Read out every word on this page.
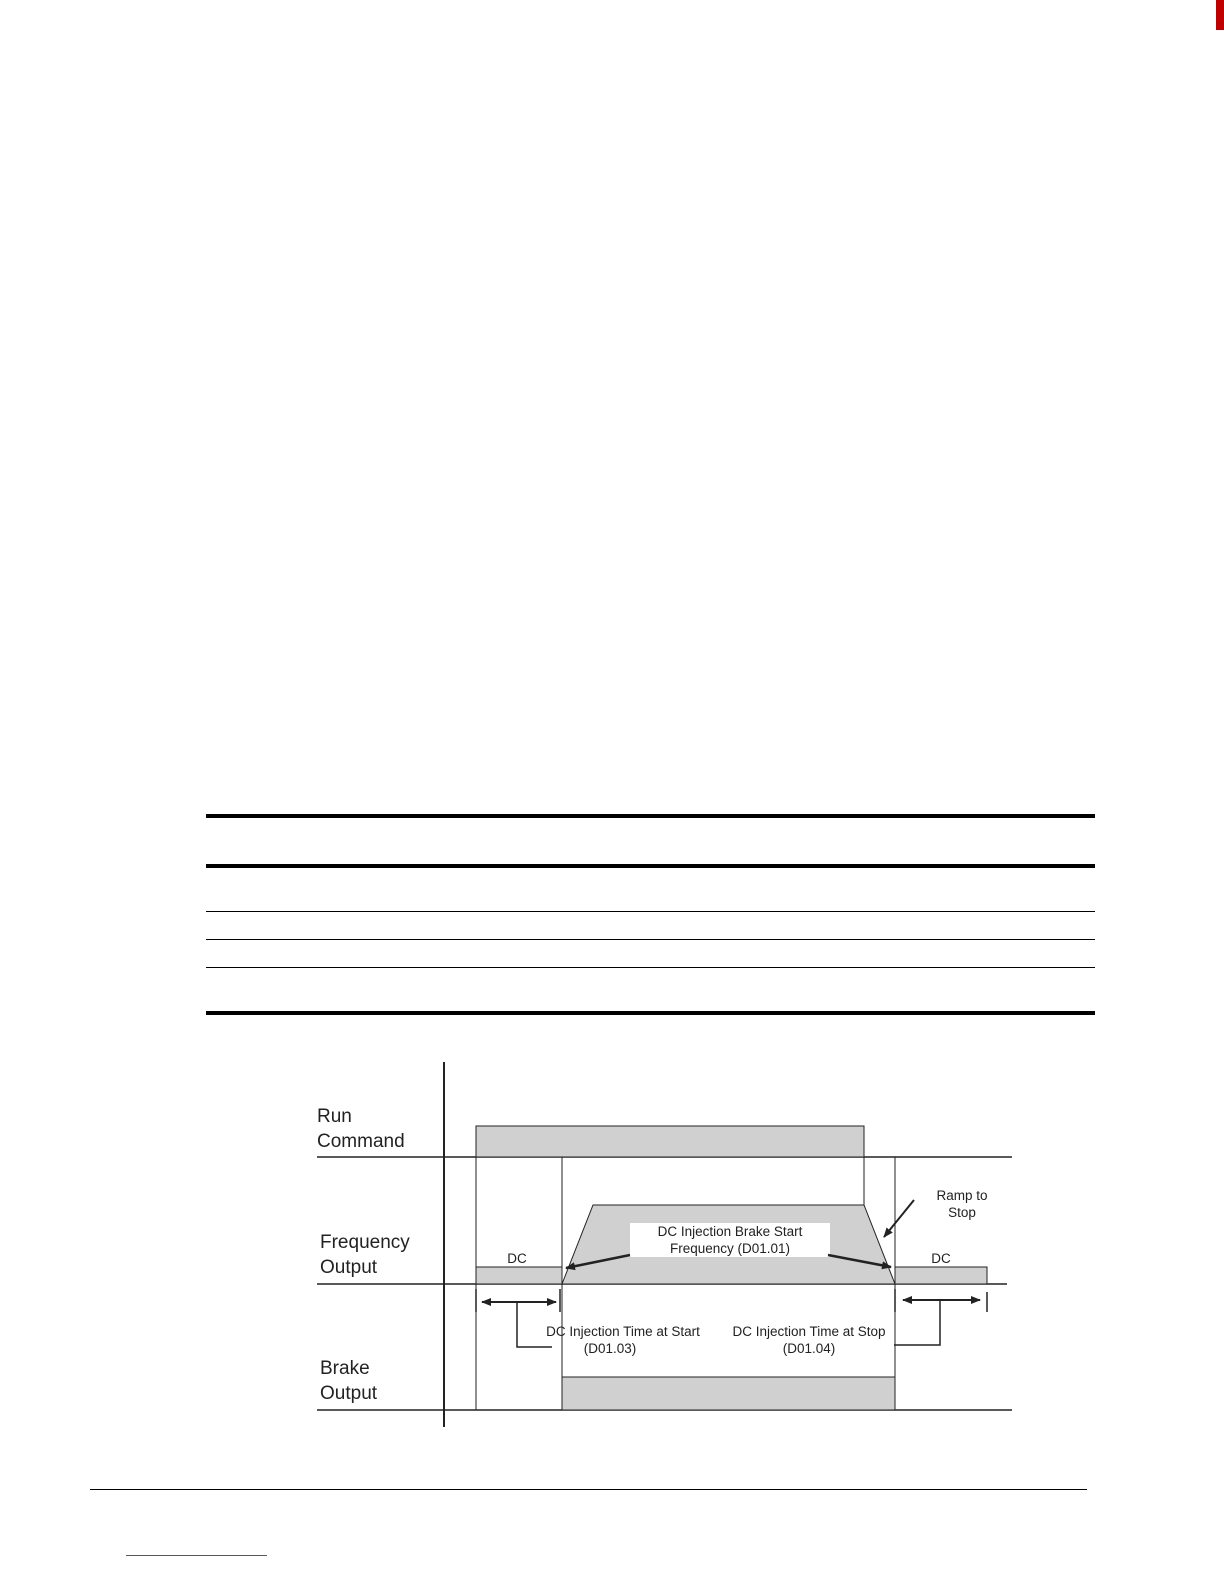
Run
Command
Frequency
Output
Brake
Output
DC	DC
Ramp to
Stop
DC Injection Brake Start
Frequency (D01.01)
DC Injection Time at Start
(D01.03)
DC Injection Time at Stop
(D01.04)
